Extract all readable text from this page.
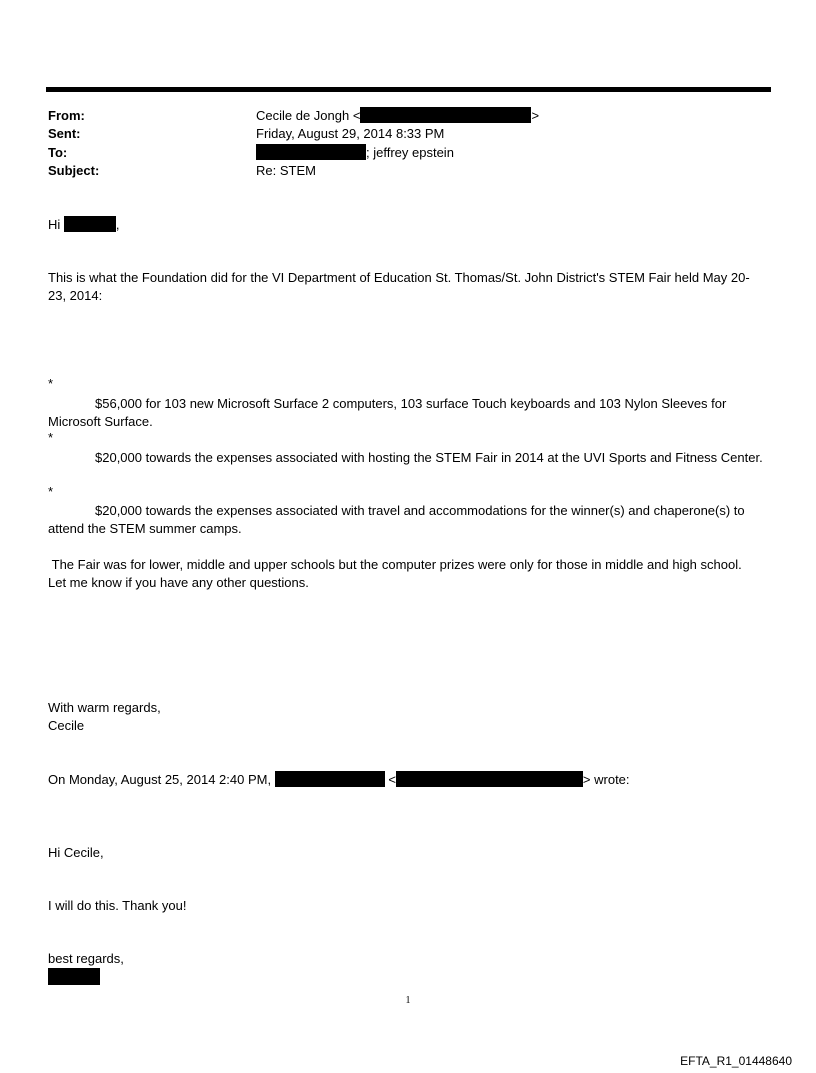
From:	Cecile de Jongh <	>
Sent:	Friday, August 29, 2014 8:33 PM
To:	; jeffrey epstein
Subject:	Re: STEM
Hi	,
This is what the Foundation did for the VI Department of Education St. Thomas/St. John District's STEM Fair held May 20-23, 2014:
*
$56,000 for 103 new Microsoft Surface 2 computers, 103 surface Touch keyboards and 103 Nylon Sleeves for Microsoft Surface.
*
$20,000 towards the expenses associated with hosting the STEM Fair in 2014 at the UVI Sports and Fitness Center.
*
$20,000 towards the expenses associated with travel and accommodations for the winner(s) and chaperone(s) to attend the STEM summer camps.
The Fair was for lower, middle and upper schools but the computer prizes were only for those in middle and high school.  Let me know if you have any other questions.
With warm regards,
Cecile
On Monday, August 25, 2014 2:40 PM,	<	> wrote:
Hi Cecile,
I will do this. Thank you!
best regards,
1
EFTA_R1_01448640
